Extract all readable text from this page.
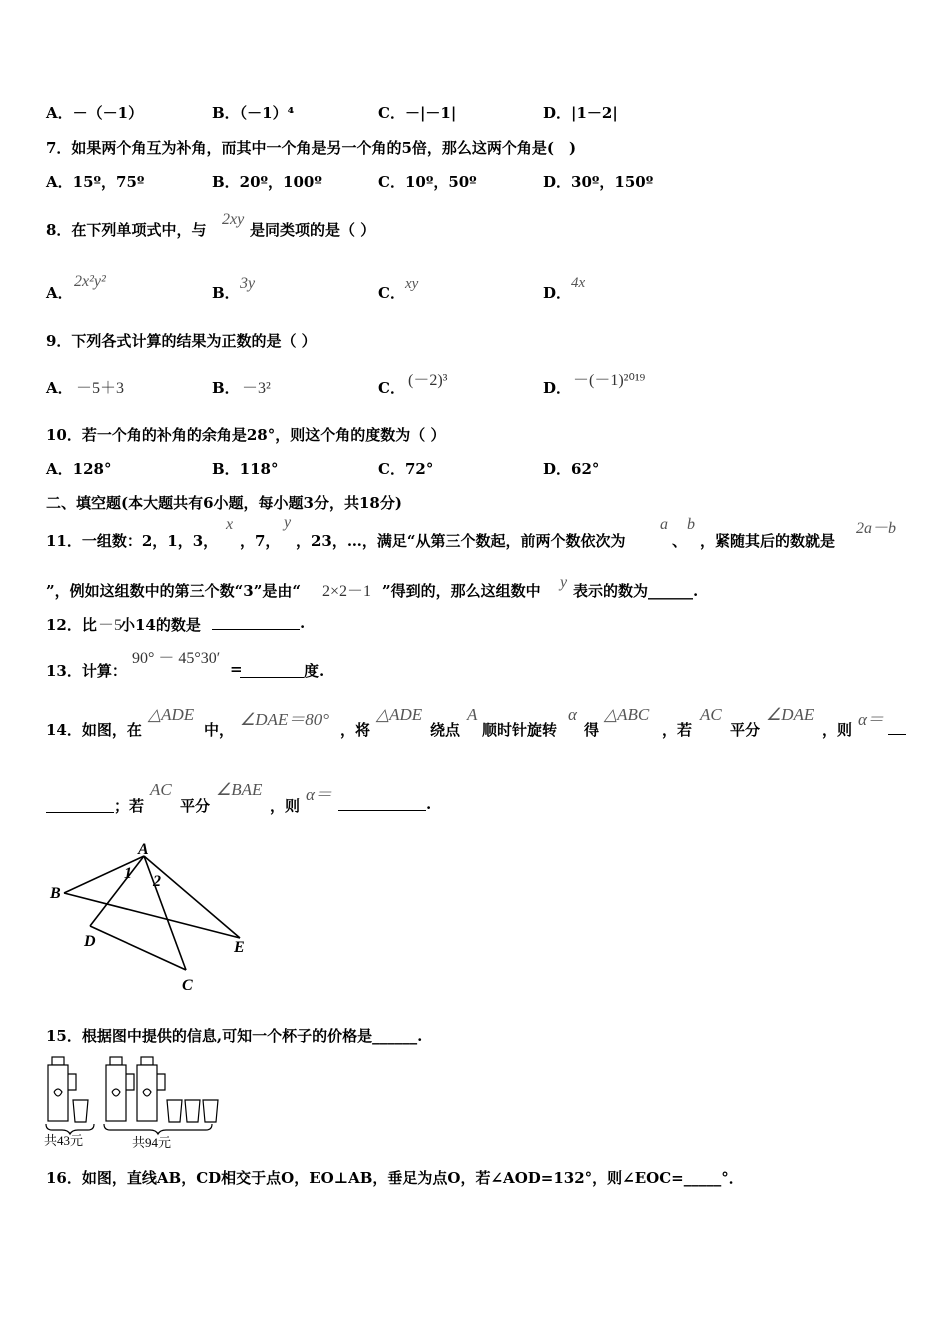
A．－（－1）	B．（－1）⁴	C．－|－1|	D．|1－2|
7．如果两个角互为补角，而其中一个角是另一个角的5倍，那么这两个角是(　)
A．15º，75º	B．20º，100º	C．10º，50º	D．30º，150º
8．在下列单项式中，与
2xy
是同类项的是（ ）
A．
2x²y²
B．
3y
C． xy	D．
4x
9．下列各式计算的结果为正数的是（ ）
A． －5＋3	B． －3²	C． (－2)³	D． －(－1)²⁰¹⁹
10．若一个角的补角的余角是28°，则这个角的度数为（ ）
A．128°	B．118°	C．72°	D．62°
二、填空题(本大题共有6小题，每小题3分，共18分)
11．一组数：2，1，3，
x
，7，
y
，23，…，满足“从第三个数起，前两个数依次为
a
、
b
，紧随其后的数就是
2a－b
”，例如这组数中的第三个数“3”是由“ 2×2－1 ”得到的，那么这组数中 y 表示的数为______.
12．比 －5
小14的数是	.
13．计算：
90° － 45°30′
=	度.
14．如图，在
△ADE
中，
∠DAE＝80°
，将
△ADE
绕点
A
顺时针旋转
α
得
△ABC
，若
AC
平分
∠DAE
，则
α＝
；若
AC
平分
∠BAE
，则
α＝	.
A
B
C
D	E
1 2
15．根据图中提供的信息,可知一个杯子的价格是______.
共43元	共94元
16．如图，直线AB，CD相交于点O，EO⊥AB，垂足为点O，若∠AOD=132°，则∠EOC=_____°．
